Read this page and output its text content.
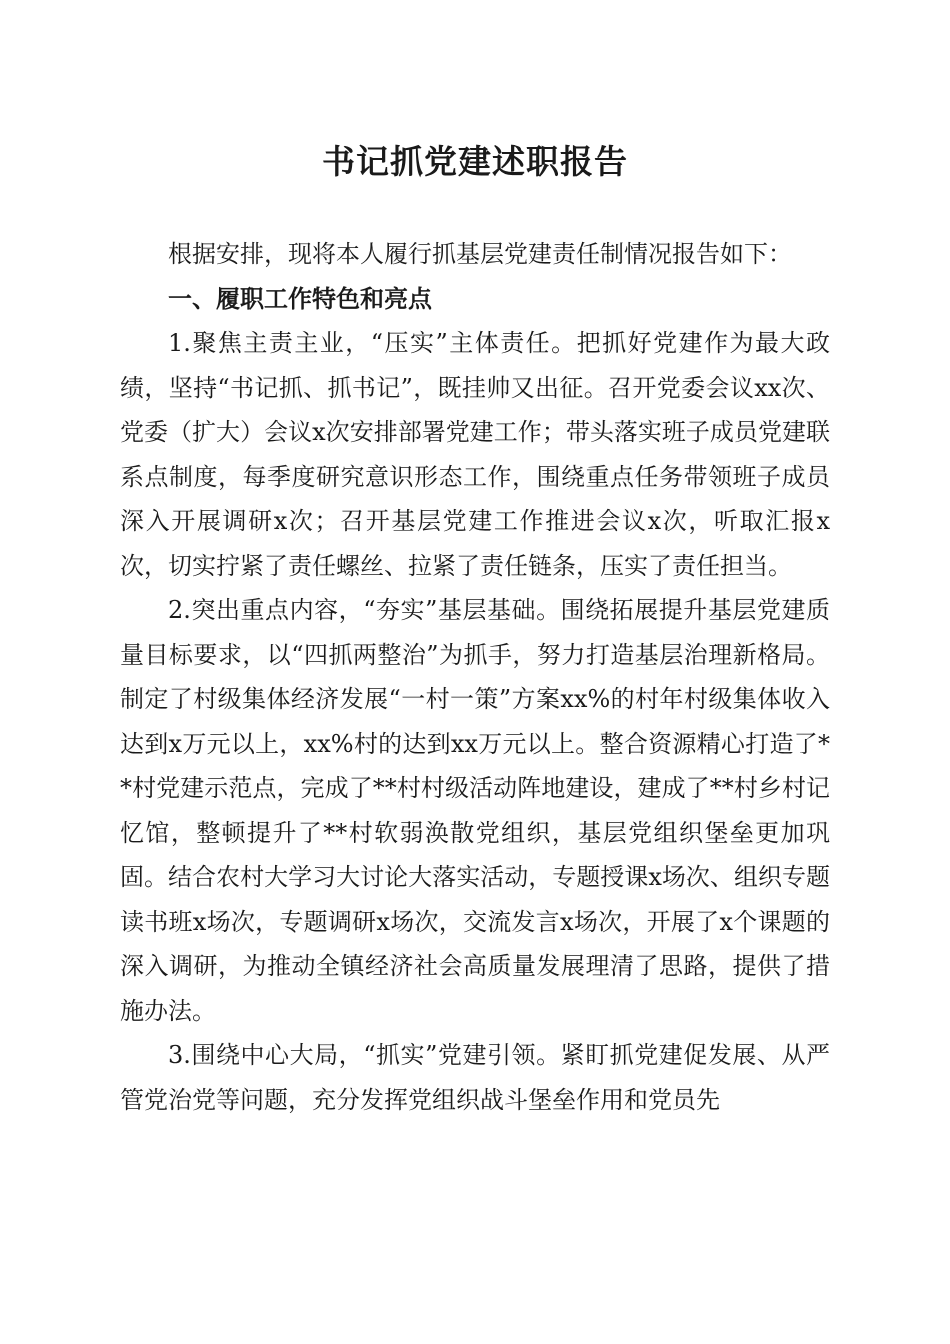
书记抓党建述职报告

根据安排，现将本人履行抓基层党建责任制情况报告如下：

一、履职工作特色和亮点

1.聚焦主责主业，“压实”主体责任。把抓好党建作为最大政绩，坚持“书记抓、抓书记”，既挂帅又出征。召开党委会议xx次、党委（扩大）会议x次安排部署党建工作；带头落实班子成员党建联系点制度，每季度研究意识形态工作，围绕重点任务带领班子成员深入开展调研x次；召开基层党建工作推进会议x次，听取汇报x次，切实拧紧了责任螺丝、拉紧了责任链条，压实了责任担当。

2.突出重点内容，“夯实”基层基础。围绕拓展提升基层党建质量目标要求，以“四抓两整治”为抓手，努力打造基层治理新格局。制定了村级集体经济发展“一村一策”方案xx%的村年村级集体收入达到x万元以上，xx%村的达到xx万元以上。整合资源精心打造了**村党建示范点，完成了**村村级活动阵地建设，建成了**村乡村记忆馆，整顿提升了**村软弱涣散党组织，基层党组织堡垒更加巩固。结合农村大学习大讨论大落实活动，专题授课x场次、组织专题读书班x场次，专题调研x场次，交流发言x场次，开展了x个课题的深入调研，为推动全镇经济社会高质量发展理清了思路，提供了措施办法。

3.围绕中心大局，“抓实”党建引领。紧盯抓党建促发展、从严管党治党等问题，充分发挥党组织战斗堡垒作用和党员先
